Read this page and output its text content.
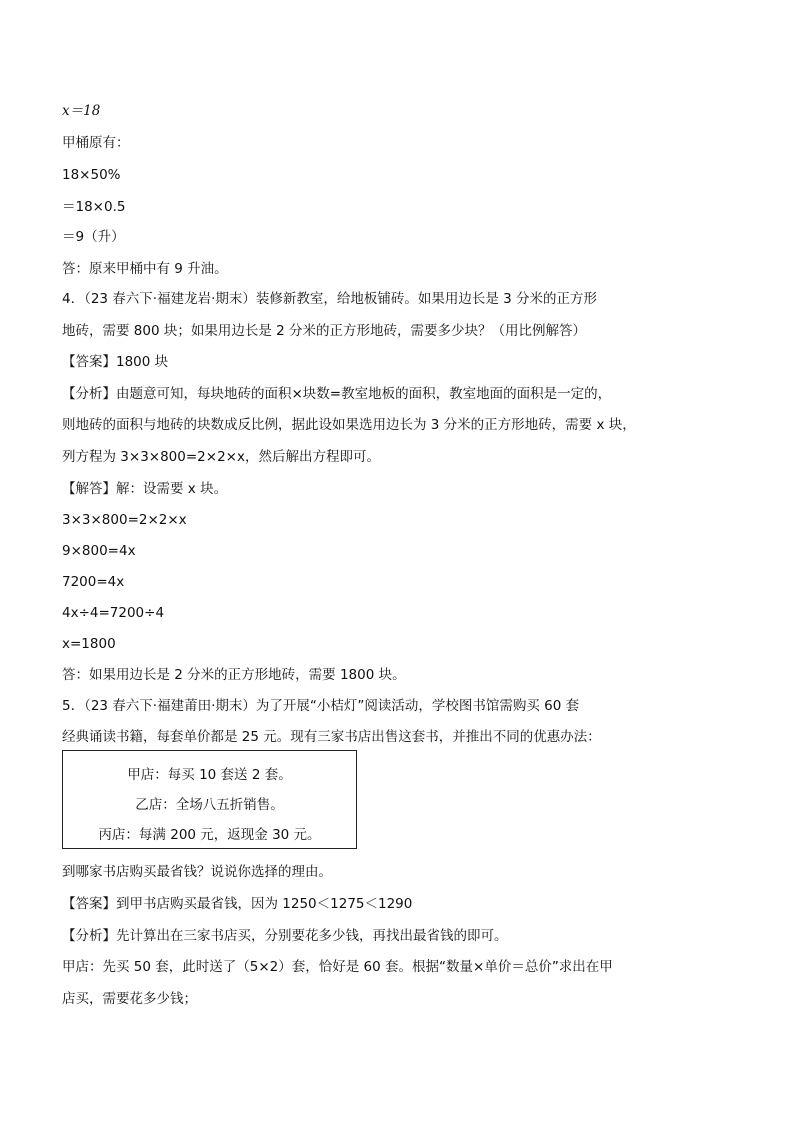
x＝18
甲桶原有：
18×50%
＝18×0.5
＝9（升）
答：原来甲桶中有 9 升油。
4．（23 春六下·福建龙岩·期末）装修新教室，给地板铺砖。如果用边长是 3 分米的正方形
地砖，需要 800 块；如果用边长是 2 分米的正方形地砖，需要多少块？（用比例解答）
【答案】1800 块
【分析】由题意可知，每块地砖的面积×块数=教室地板的面积，教室地面的面积是一定的，
则地砖的面积与地砖的块数成反比例，据此设如果选用边长为 3 分米的正方形地砖，需要 x 块，
列方程为 3×3×800=2×2×x，然后解出方程即可。
【解答】解：设需要 x 块。
3×3×800=2×2×x
9×800=4x
7200=4x
4x÷4=7200÷4
x=1800
答：如果用边长是 2 分米的正方形地砖，需要 1800 块。
5．（23 春六下·福建莆田·期末）为了开展“小桔灯”阅读活动，学校图书馆需购买 60 套
经典诵读书籍，每套单价都是 25 元。现有三家书店出售这套书，并推出不同的优惠办法：
甲店：每买 10 套送 2 套。
乙店：全场八五折销售。
丙店：每满 200 元，返现金 30 元。
到哪家书店购买最省钱？说说你选择的理由。
【答案】到甲书店购买最省钱，因为 1250＜1275＜1290
【分析】先计算出在三家书店买，分别要花多少钱，再找出最省钱的即可。
甲店：先买 50 套，此时送了（5×2）套，恰好是 60 套。根据“数量×单价＝总价”求出在甲
店买，需要花多少钱；
